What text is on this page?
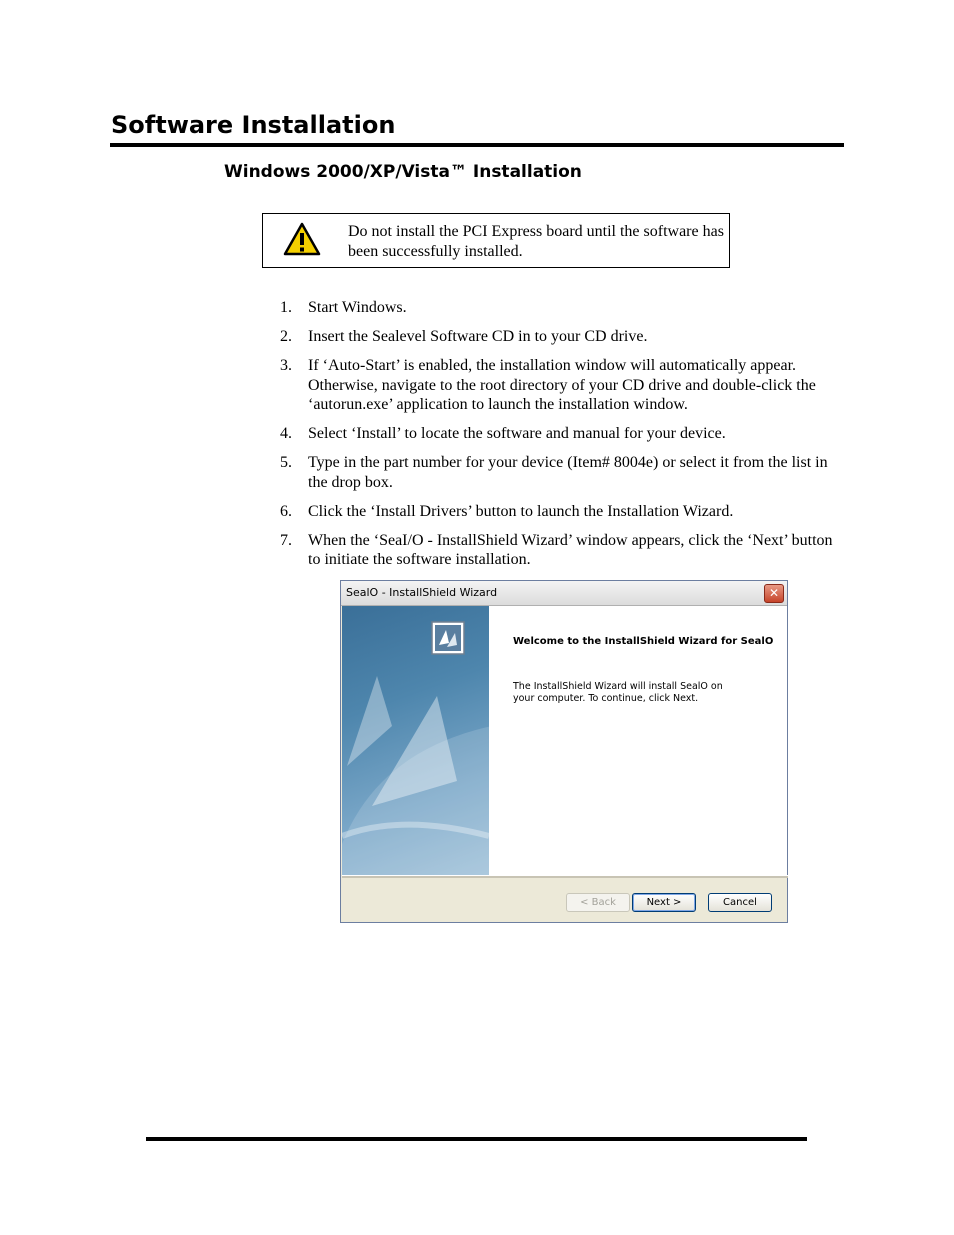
Software Installation
Windows 2000/XP/Vista™ Installation
Do not install the PCI Express board until the software has been successfully installed.
1. Start Windows.
2. Insert the Sealevel Software CD in to your CD drive.
3. If ‘Auto-Start’ is enabled, the installation window will automatically appear. Otherwise, navigate to the root directory of your CD drive and double-click the ‘autorun.exe’ application to launch the installation window.
4. Select ‘Install’ to locate the software and manual for your device.
5. Type in the part number for your device (Item# 8004e) or select it from the list in the drop box.
6. Click the ‘Install Drivers’ button to launch the Installation Wizard.
7. When the ‘SeaI/O - InstallShield Wizard’ window appears, click the ‘Next’ button to initiate the software installation.
SealO - InstallShield Wizard	✕
Welcome to the InstallShield Wizard for SealO
The InstallShield Wizard will install SealO on your computer. To continue, click Next.
< Back	Next >	Cancel
